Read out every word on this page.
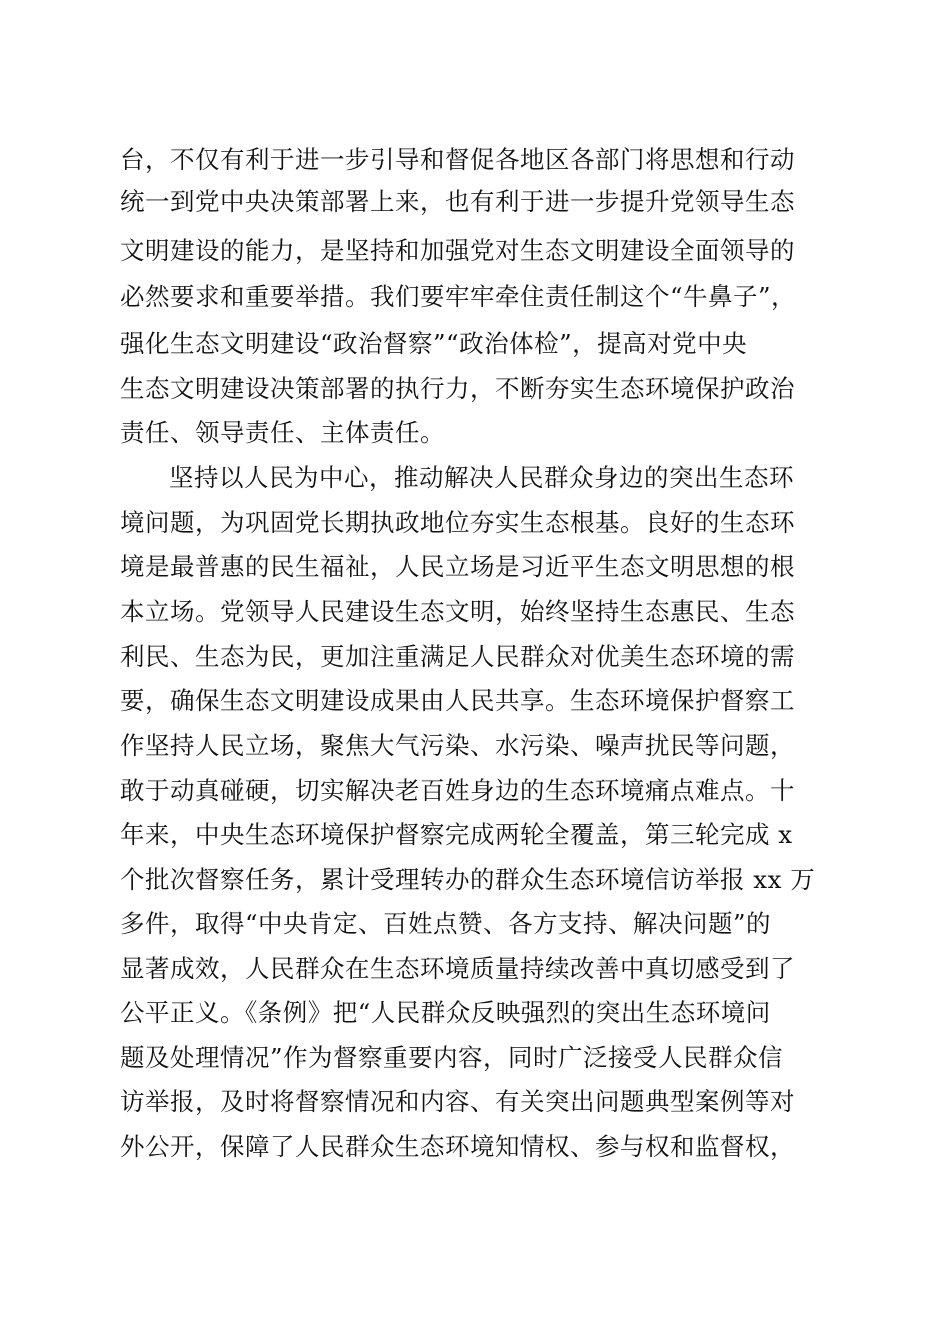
台，不仅有利于进一步引导和督促各地区各部门将思想和行动
统一到党中央决策部署上来，也有利于进一步提升党领导生态
文明建设的能力，是坚持和加强党对生态文明建设全面领导的
必然要求和重要举措。我们要牢牢牵住责任制这个“牛鼻子”，
强化生态文明建设“政治督察”“政治体检”，提高对党中央
生态文明建设决策部署的执行力，不断夯实生态环境保护政治
责任、领导责任、主体责任。
坚持以人民为中心，推动解决人民群众身边的突出生态环
境问题，为巩固党长期执政地位夯实生态根基。良好的生态环
境是最普惠的民生福祉，人民立场是习近平生态文明思想的根
本立场。党领导人民建设生态文明，始终坚持生态惠民、生态
利民、生态为民，更加注重满足人民群众对优美生态环境的需
要，确保生态文明建设成果由人民共享。生态环境保护督察工
作坚持人民立场，聚焦大气污染、水污染、噪声扰民等问题，
敢于动真碰硬，切实解决老百姓身边的生态环境痛点难点。十
年来，中央生态环境保护督察完成两轮全覆盖，第三轮完成 x
个批次督察任务，累计受理转办的群众生态环境信访举报 xx 万
多件，取得“中央肯定、百姓点赞、各方支持、解决问题”的
显著成效，人民群众在生态环境质量持续改善中真切感受到了
公平正义。《条例》把“人民群众反映强烈的突出生态环境问
题及处理情况”作为督察重要内容，同时广泛接受人民群众信
访举报，及时将督察情况和内容、有关突出问题典型案例等对
外公开，保障了人民群众生态环境知情权、参与权和监督权，
